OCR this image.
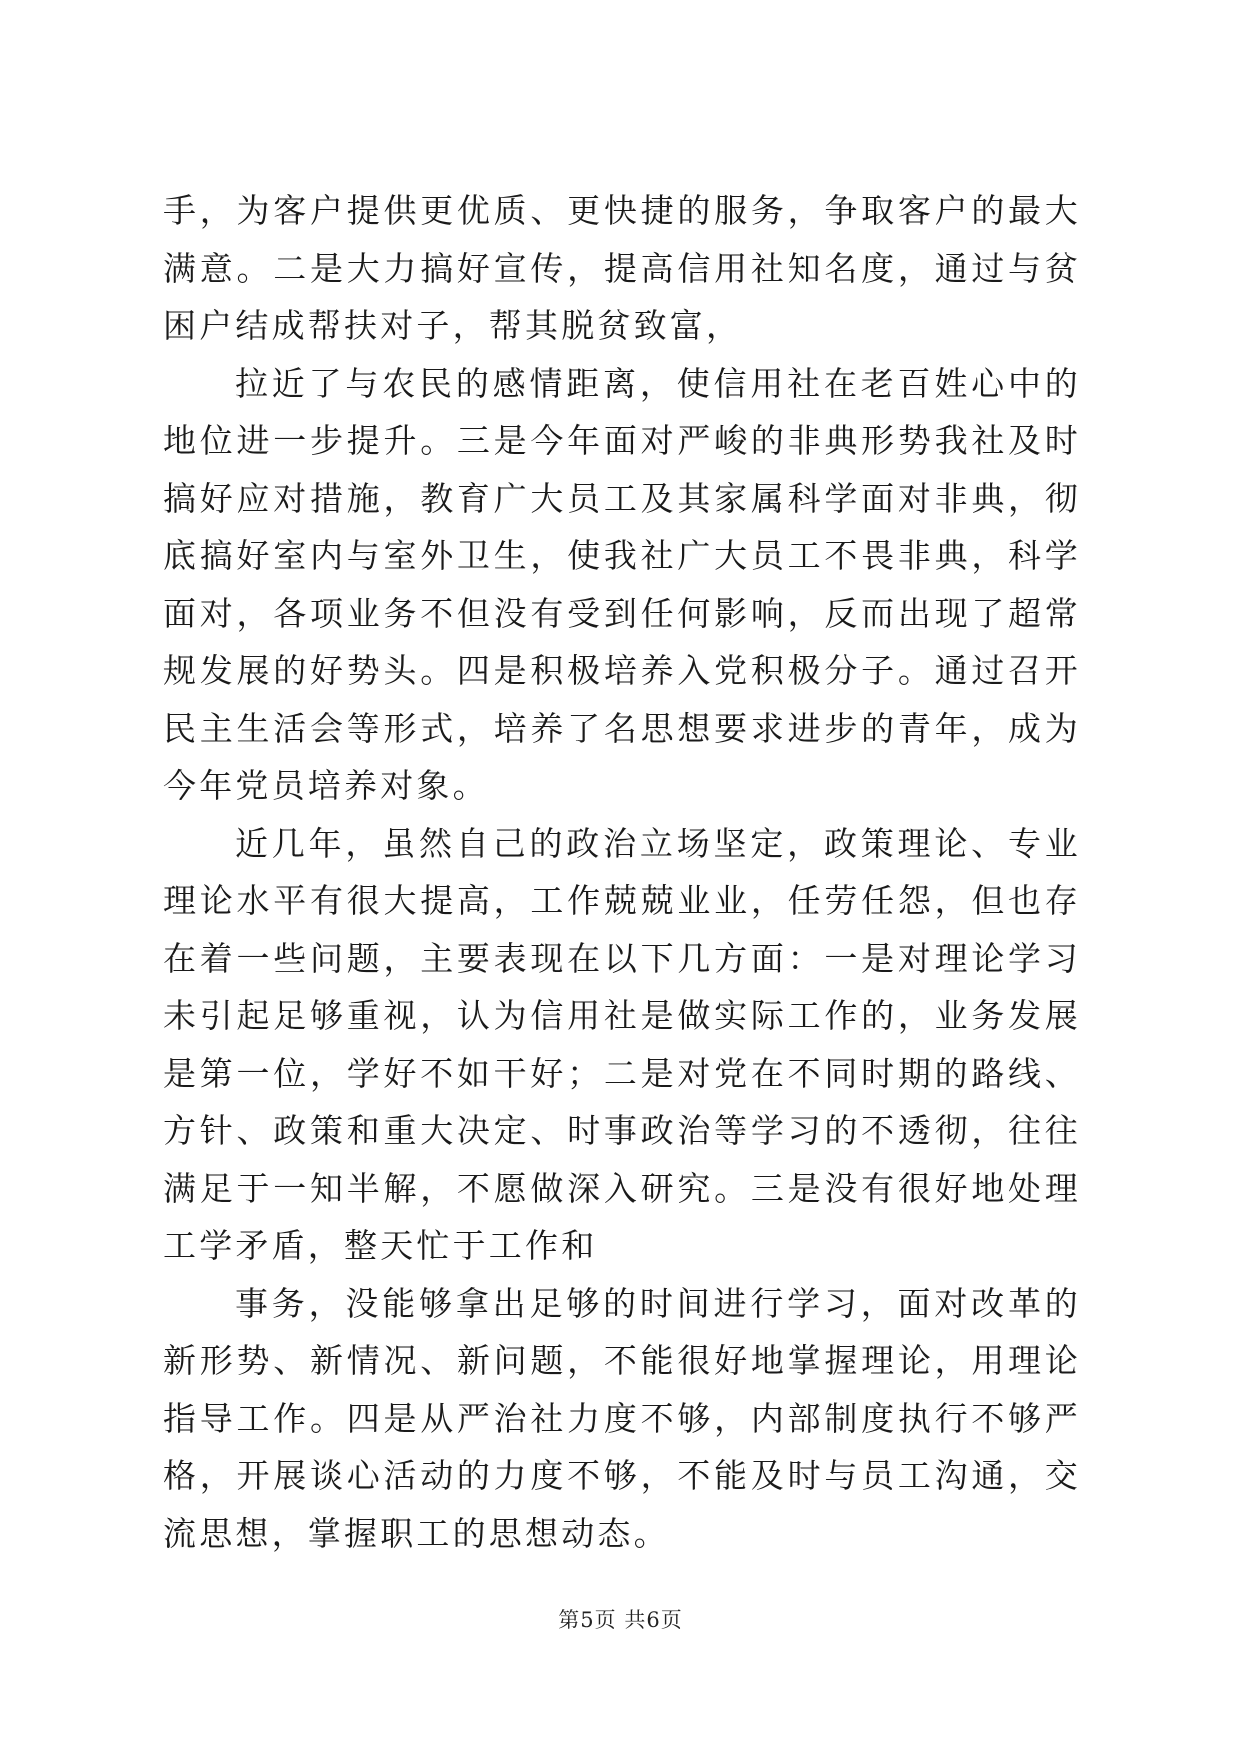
手，为客户提供更优质、更快捷的服务，争取客户的最大满意。二是大力搞好宣传，提高信用社知名度，通过与贫困户结成帮扶对子，帮其脱贫致富，

拉近了与农民的感情距离，使信用社在老百姓心中的地位进一步提升。三是今年面对严峻的非典形势我社及时搞好应对措施，教育广大员工及其家属科学面对非典，彻底搞好室内与室外卫生，使我社广大员工不畏非典，科学面对，各项业务不但没有受到任何影响，反而出现了超常规发展的好势头。四是积极培养入党积极分子。通过召开民主生活会等形式，培养了名思想要求进步的青年，成为今年党员培养对象。

近几年，虽然自己的政治立场坚定，政策理论、专业理论水平有很大提高，工作兢兢业业，任劳任怨，但也存在着一些问题，主要表现在以下几方面：一是对理论学习未引起足够重视，认为信用社是做实际工作的，业务发展是第一位，学好不如干好；二是对党在不同时期的路线、方针、政策和重大决定、时事政治等学习的不透彻，往往满足于一知半解，不愿做深入研究。三是没有很好地处理工学矛盾，整天忙于工作和

事务，没能够拿出足够的时间进行学习，面对改革的新形势、新情况、新问题，不能很好地掌握理论，用理论指导工作。四是从严治社力度不够，内部制度执行不够严格，开展谈心活动的力度不够，不能及时与员工沟通，交流思想，掌握职工的思想动态。

第5页 共6页
